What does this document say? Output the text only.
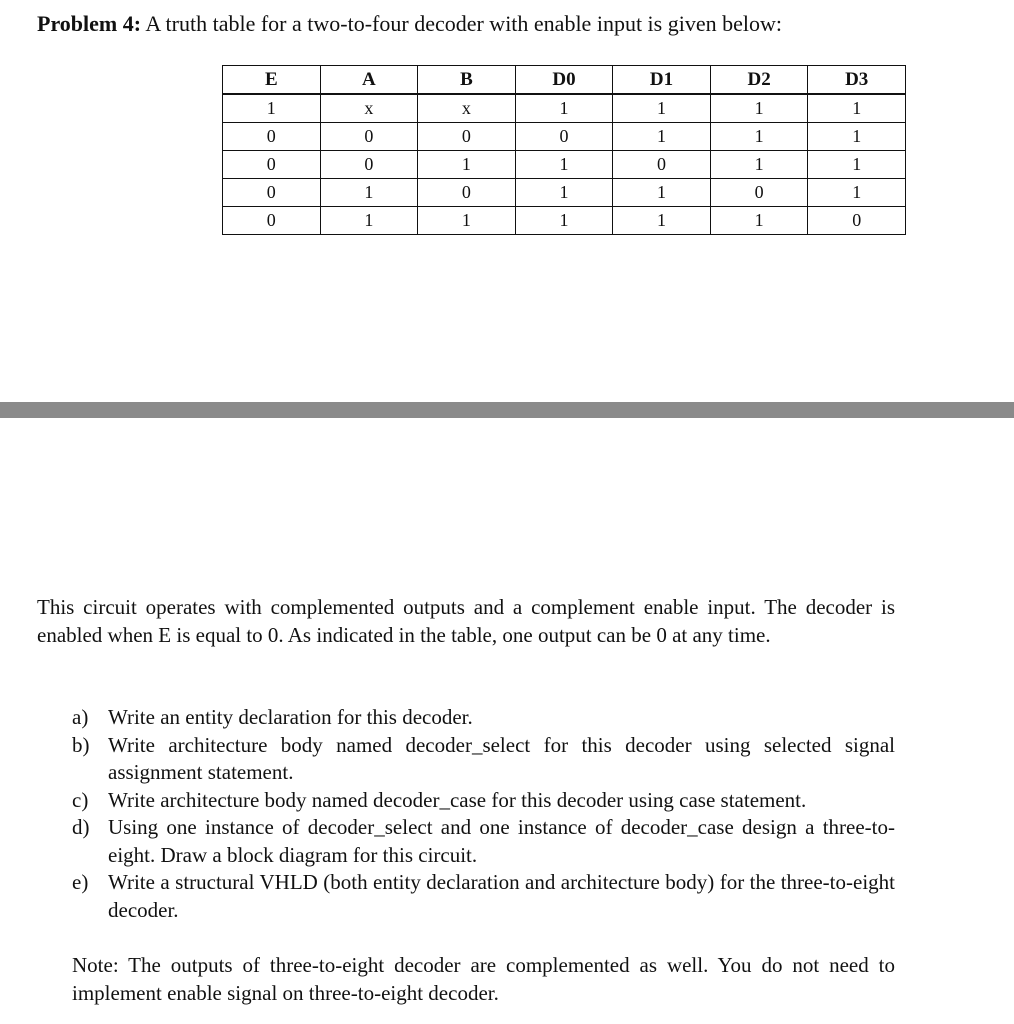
Problem 4: A truth table for a two-to-four decoder with enable input is given below:
E	A	B	D0	D1	D2	D3
1	x	x	1	1	1	1
0	0	0	0	1	1	1
0	0	1	1	0	1	1
0	1	0	1	1	0	1
0	1	1	1	1	1	0

This circuit operates with complemented outputs and a complement enable input. The decoder is enabled when E is equal to 0. As indicated in the table, one output can be 0 at any time.

a) Write an entity declaration for this decoder.
b) Write architecture body named decoder_select for this decoder using selected signal assignment statement.
c) Write architecture body named decoder_case for this decoder using case statement.
d) Using one instance of decoder_select and one instance of decoder_case design a three-to-eight. Draw a block diagram for this circuit.
e) Write a structural VHLD (both entity declaration and architecture body) for the three-to-eight decoder.

Note: The outputs of three-to-eight decoder are complemented as well. You do not need to implement enable signal on three-to-eight decoder.
